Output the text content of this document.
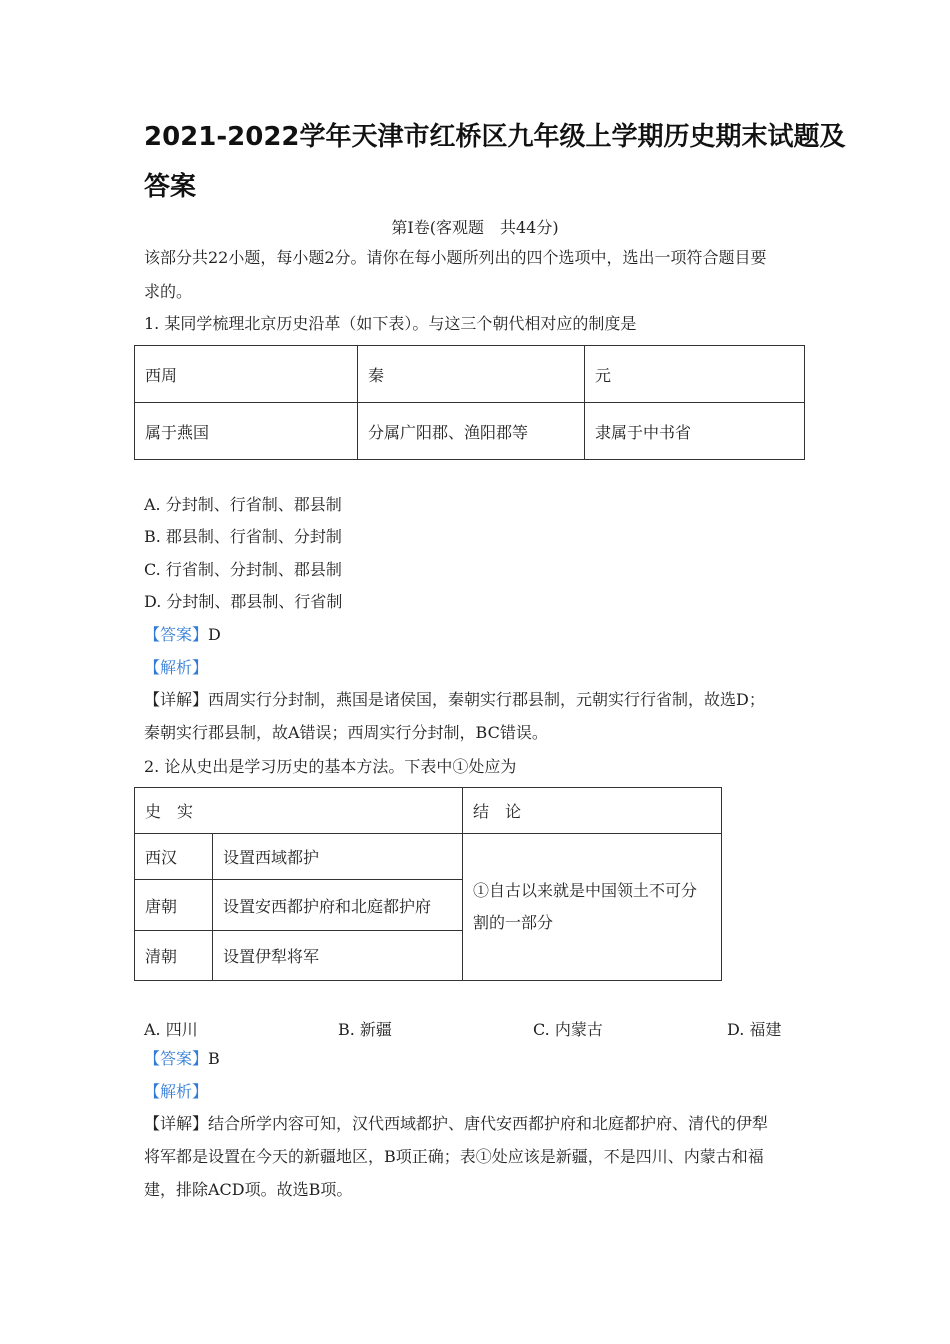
2021-2022学年天津市红桥区九年级上学期历史期末试题及
答案
第Ⅰ卷(客观题　共44分)
该部分共22小题，每小题2分。请你在每小题所列出的四个选项中，选出一项符合题目要
求的。
1. 某同学梳理北京历史沿革（如下表）。与这三个朝代相对应的制度是
西周	秦	元
属于燕国	分属广阳郡、渔阳郡等	隶属于中书省
A. 分封制、行省制、郡县制
B. 郡县制、行省制、分封制
C. 行省制、分封制、郡县制
D. 分封制、郡县制、行省制
【答案】D
【解析】
【详解】西周实行分封制，燕国是诸侯国，秦朝实行郡县制，元朝实行行省制，故选D；
秦朝实行郡县制，故A错误；西周实行分封制，BC错误。
2. 论从史出是学习历史的基本方法。下表中①处应为
史　实		结　论
西汉	设置西域都护	①自古以来就是中国领土不可分
割的一部分

唐朝	设置安西都护府和北庭都护府	
清朝	设置伊犁将军	
A. 四川	B. 新疆	C. 内蒙古	D. 福建
【答案】B
【解析】
【详解】结合所学内容可知，汉代西域都护、唐代安西都护府和北庭都护府、清代的伊犁
将军都是设置在今天的新疆地区，B项正确；表①处应该是新疆，不是四川、内蒙古和福
建，排除ACD项。故选B项。
